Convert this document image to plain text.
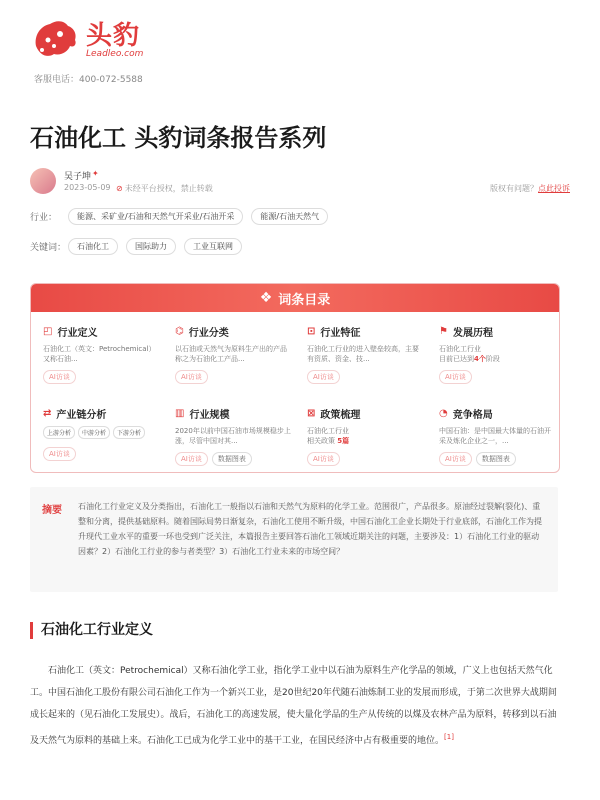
头豹
Leadleo.com
客服电话：400-072-5588
石油化工 头豹词条报告系列
吴子坤 ✦
2023-05-09 ⊘ 未经平台授权，禁止转载	版权有问题？点此投诉
行业：	能源、采矿业/石油和天然气开采业/石油开采	能源/石油天然气
关键词：	石油化工	国际助力	工业互联网
❖ 词条目录
◰ 行业定义
石油化工（英文：Petrochemical）又称石油...
AI访谈
⌬ 行业分类
以石油或天然气为原料生产出的产品称之为石油化工产品...
AI访谈
⊡ 行业特征
石油化工行业的进入壁垒较高，主要有资质、资金、技...
AI访谈
⚑ 发展历程
石油化工行业
目前已达到4个阶段
AI访谈
⇄ 产业链分析
上游分析	中游分析	下游分析
AI访谈
▥ 行业规模
2020年以前中国石油市场规模稳步上涨，尽管中国对其...
AI访谈	数据图表
⊠ 政策梳理
石油化工行业
相关政策 5篇
AI访谈
◔ 竞争格局
中国石油：是中国最大体量的石油开采及炼化企业之一，...
AI访谈	数据图表
摘要 石油化工行业定义及分类指出，石油化工一般指以石油和天然气为原料的化学工业。范围很广，产品很多。原油经过裂解(裂化)、重整和分离，提供基础原料。随着国际局势日渐复杂，石油化工使用不断升级，中国石油化工企业长期处于行业底部，石油化工作为提升现代工业水平的重要一环也受到广泛关注，本篇报告主要回答石油化工领域近期关注的问题，主要涉及：1）石油化工行业的驱动因素？2）石油化工行业的参与者类型？3）石油化工行业未来的市场空间？
石油化工行业定义

石油化工（英文：Petrochemical）又称石油化学工业，指化学工业中以石油为原料生产化学品的领域，广义上也包括天然气化工。中国石油化工股份有限公司石油化工作为一个新兴工业，是20世纪20年代随石油炼制工业的发展而形成，于第二次世界大战期间成长起来的（见石油化工发展史）。战后，石油化工的高速发展，使大量化学品的生产从传统的以煤及农林产品为原料，转移到以石油及天然气为原料的基础上来。石油化工已成为化学工业中的基干工业，在国民经济中占有极重要的地位。[1]
